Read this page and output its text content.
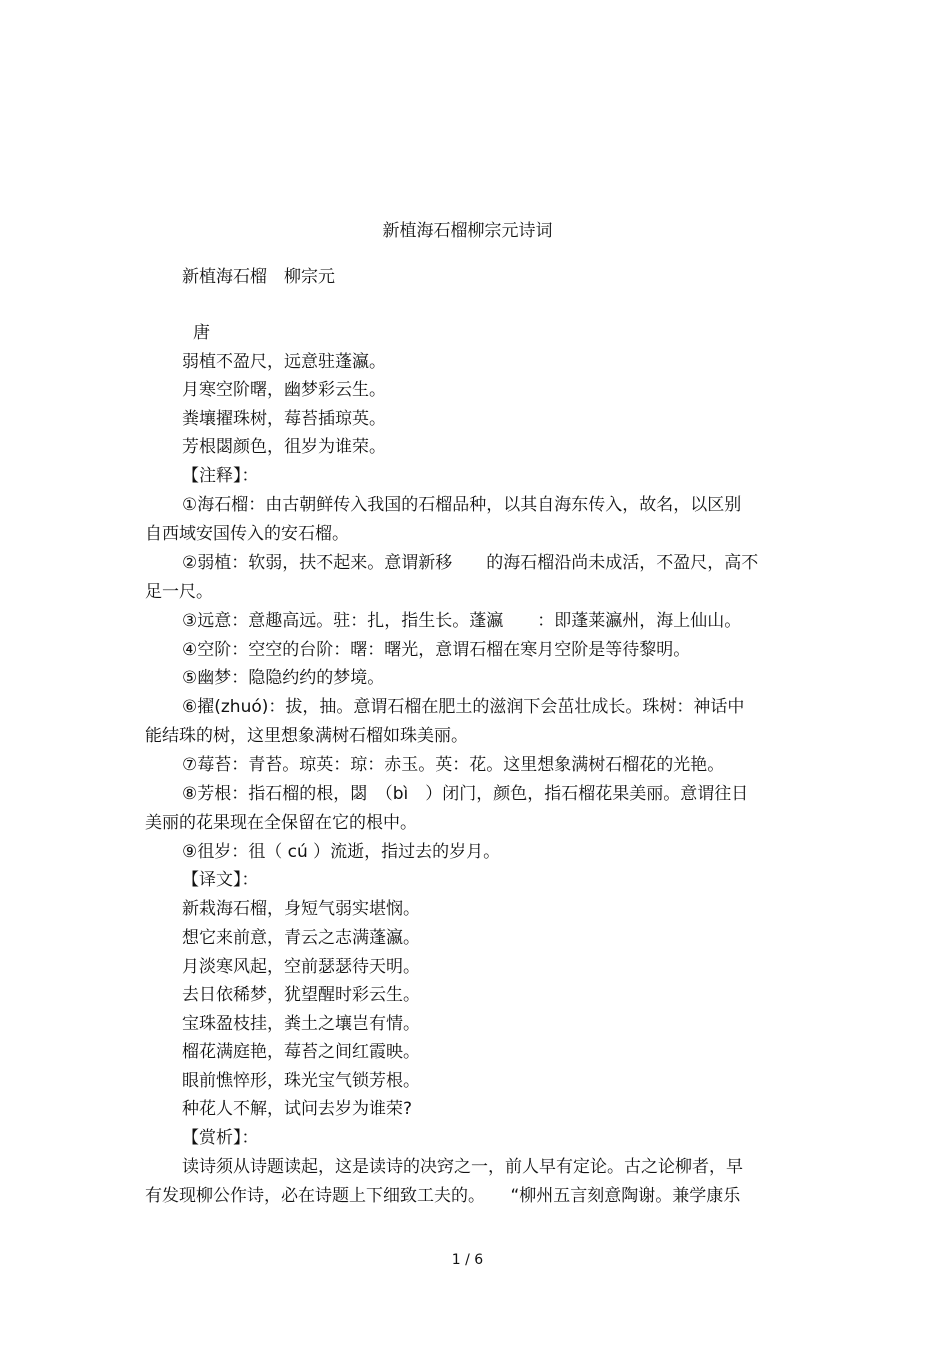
新植海石榴柳宗元诗词
新植海石榴　柳宗元
唐
弱植不盈尺，远意驻蓬瀛。
月寒空阶曙，幽梦彩云生。
粪壤擢珠树，莓苔插琼英。
芳根閟颜色，徂岁为谁荣。
【注释】：
①海石榴：由古朝鲜传入我国的石榴品种，以其自海东传入，故名，以区别
自西域安国传入的安石榴。
②弱植：软弱，扶不起来。意谓新移　　的海石榴沿尚未成活，不盈尺，高不
足一尺。
③远意：意趣高远。驻：扎，指生长。蓬瀛　　：即蓬莱瀛州，海上仙山。
④空阶：空空的台阶：曙：曙光，意谓石榴在寒月空阶是等待黎明。
⑤幽梦：隐隐约约的梦境。
⑥擢(zhuó)：拔，抽。意谓石榴在肥土的滋润下会茁壮成长。珠树：神话中
能结珠的树，这里想象满树石榴如珠美丽。
⑦莓苔：青苔。琼英：琼：赤玉。英：花。这里想象满树石榴花的光艳。
⑧芳根：指石榴的根，閟　（bì　）闭门，颜色，指石榴花果美丽。意谓往日
美丽的花果现在全保留在它的根中。
⑨徂岁：徂（ cú ）流逝，指过去的岁月。
【译文】：
新栽海石榴，身短气弱实堪悯。
想它来前意，青云之志满蓬瀛。
月淡寒风起，空前瑟瑟待天明。
去日依稀梦，犹望醒时彩云生。
宝珠盈枝挂，粪土之壤岂有情。
榴花满庭艳，莓苔之间红霞映。
眼前憔悴形，珠光宝气锁芳根。
种花人不解，试问去岁为谁荣?
【赏析】：
读诗须从诗题读起，这是读诗的决窍之一，前人早有定论。古之论柳者，早
有发现柳公作诗，必在诗题上下细致工夫的。　　“柳州五言刻意陶谢。兼学康乐
1 / 6
